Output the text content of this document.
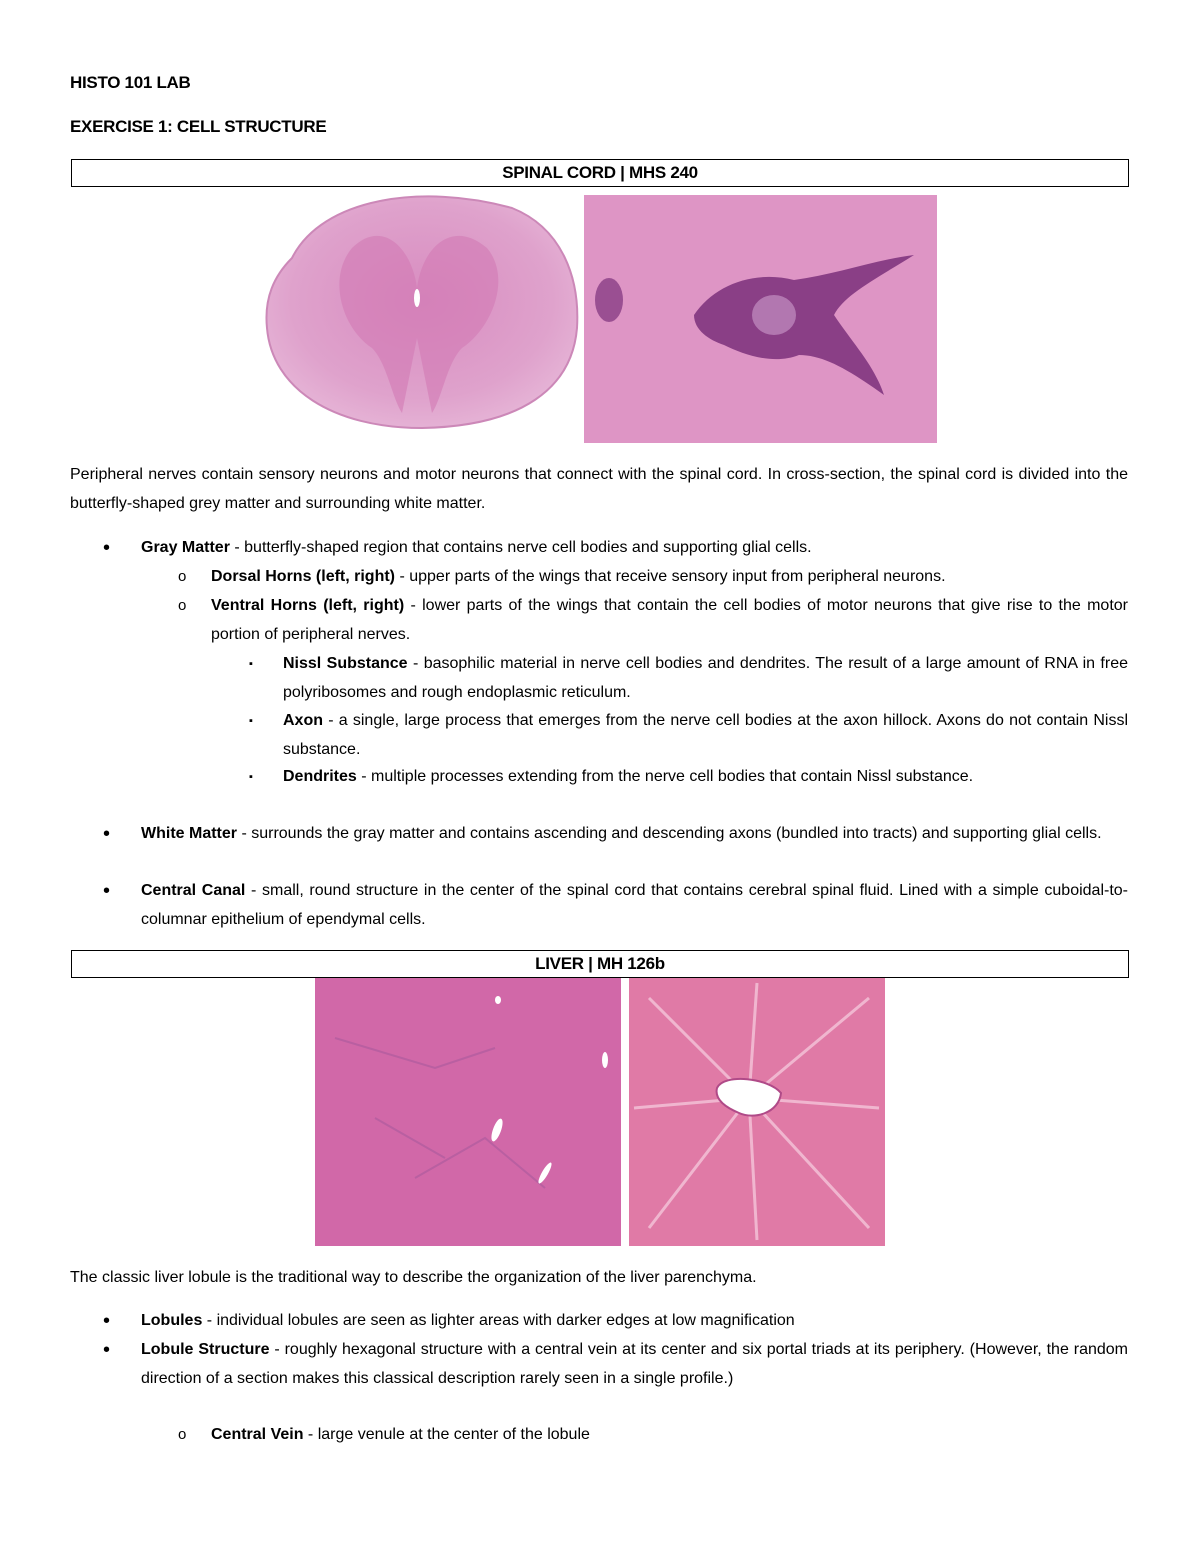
HISTO 101 LAB
EXERCISE 1: CELL STRUCTURE
SPINAL CORD | MHS 240
Peripheral nerves contain sensory neurons and motor neurons that connect with the spinal cord. In cross-section, the spinal cord is divided into the butterfly-shaped grey matter and surrounding white matter.
• Gray Matter - butterfly-shaped region that contains nerve cell bodies and supporting glial cells.
o Dorsal Horns (left, right) - upper parts of the wings that receive sensory input from peripheral neurons.
o Ventral Horns (left, right) - lower parts of the wings that contain the cell bodies of motor neurons that give rise to the motor portion of peripheral nerves.
▪ Nissl Substance - basophilic material in nerve cell bodies and dendrites. The result of a large amount of RNA in free polyribosomes and rough endoplasmic reticulum.
▪ Axon - a single, large process that emerges from the nerve cell bodies at the axon hillock. Axons do not contain Nissl substance.
▪ Dendrites - multiple processes extending from the nerve cell bodies that contain Nissl substance.
• White Matter - surrounds the gray matter and contains ascending and descending axons (bundled into tracts) and supporting glial cells.
• Central Canal - small, round structure in the center of the spinal cord that contains cerebral spinal fluid. Lined with a simple cuboidal-to-columnar epithelium of ependymal cells.
LIVER | MH 126b
The classic liver lobule is the traditional way to describe the organization of the liver parenchyma.
• Lobules - individual lobules are seen as lighter areas with darker edges at low magnification
• Lobule Structure - roughly hexagonal structure with a central vein at its center and six portal triads at its periphery. (However, the random direction of a section makes this classical description rarely seen in a single profile.)
o Central Vein - large venule at the center of the lobule
